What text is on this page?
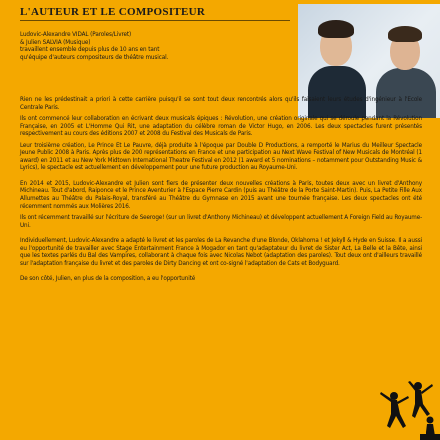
L'AUTEUR ET LE COMPOSITEUR
Ludovic-Alexandre VIDAL (Paroles/Livret)
& Julien SALVIA (Musique)
travaillent ensemble depuis plus de 10 ans en tant
qu'équipe d'auteurs compositeurs de théâtre musical.

Rien ne les prédestinait a priori à cette carrière puisqu'il se sont tout deux rencontrés alors qu'ils faisaient leurs études d'ingénieur à l'Ecole Centrale Paris.

Ils ont commencé leur collaboration en écrivant deux musicals épiques : Révolution, une création originale qui se déroule pendant la Révolution Française, en 2005 et L'Homme Qui Rit, une adaptation du célèbre roman de Victor Hugo, en 2006. Les deux spectacles furent présentés respectivement au cours des éditions 2007 et 2008 du Festival des Musicals de Paris.

Leur troisième création, Le Prince Et Le Pauvre, déjà produite à l'époque par Double D Productions, a remporté le Marius du Meilleur Spectacle Jeune Public 2008 à Paris. Après plus de 200 représentations en France et une participation au Next Wave Festival of New Musicals de Montréal (1 award) en 2011 et au New York Midtown International Theatre Festival en 2012 (1 award et 5 nominations – notamment pour Outstanding Music & Lyrics), le spectacle est actuellement en développement pour une future production au Royaume-Uni.

En 2014 et 2015, Ludovic-Alexandre et Julien sont fiers de présenter deux nouvelles créations à Paris, toutes deux avec un livret d'Anthony Michineau. Tout d'abord, Raiponce et le Prince Aventurier à l'Espace Pierre Cardin (puis au Théâtre de la Porte Saint-Martin). Puis, La Petite Fille Aux Allumettes au Théâtre du Palais-Royal, transféré au Théâtre du Gymnase en 2015 avant une tournée française. Les deux spectacles ont été récemment nommés aux Molières 2016.

Ils ont récemment travaillé sur l'écriture de Seeroge! (sur un livret d'Anthony Michineau) et développent actuellement A Foreign Field au Royaume-Uni.

Individuellement, Ludovic-Alexandre a adapté le livret et les paroles de La Revanche d'une Blonde, Oklahoma ! et Jekyll & Hyde en Suisse. Il a aussi eu l'opportunité de travailler avec Stage Entertainment France à Mogador en tant qu'adaptateur du livret de Sister Act, La Belle et la Bête, ainsi que les textes parlés du Bal des Vampires, collaborant à chaque fois avec Nicolas Nebot (adaptation des paroles). Tout deux ont d'ailleurs travaillé sur l'adaptation française du livret et des paroles de Dirty Dancing et ont co-signé l'adaptation de Cats et Bodyguard.

De son côté, Julien, en plus de la composition, a eu l'opportunité
